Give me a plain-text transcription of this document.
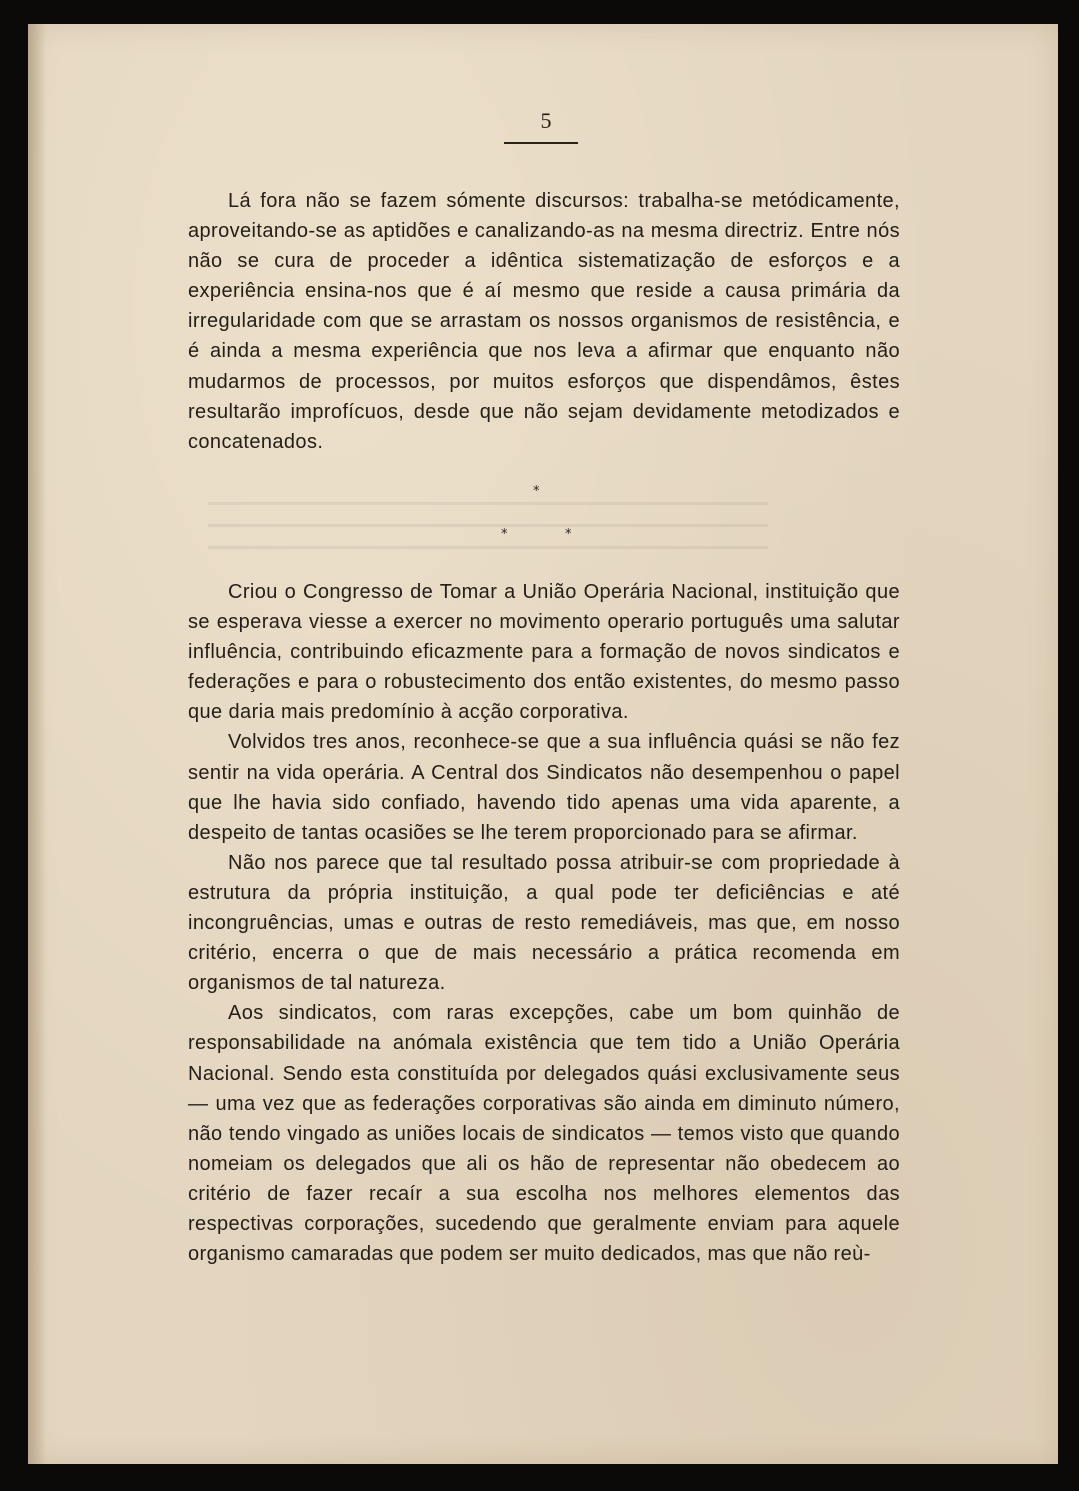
5

Lá fora não se fazem sómente discursos: trabalha-se metódicamente, aproveitando-se as aptidões e canalizando-as na mesma directriz. Entre nós não se cura de proceder a idêntica sistematização de esforços e a experiência ensina-nos que é aí mesmo que reside a causa primária da irregularidade com que se arrastam os nossos organismos de resistência, e é ainda a mesma experiência que nos leva a afirmar que enquanto não mudarmos de processos, por muitos esforços que dispendâmos, êstes resultarão improfícuos, desde que não sejam devidamente metodizados e concatenados.

*
*	*

Criou o Congresso de Tomar a União Operária Nacional, instituição que se esperava viesse a exercer no movimento operario português uma salutar influência, contribuindo eficazmente para a formação de novos sindicatos e federações e para o robustecimento dos então existentes, do mesmo passo que daria mais predomínio à acção corporativa.

Volvidos tres anos, reconhece-se que a sua influência quási se não fez sentir na vida operária. A Central dos Sindicatos não desempenhou o papel que lhe havia sido confiado, havendo tido apenas uma vida aparente, a despeito de tantas ocasiões se lhe terem proporcionado para se afirmar.

Não nos parece que tal resultado possa atribuir-se com propriedade à estrutura da própria instituição, a qual pode ter deficiências e até incongruências, umas e outras de resto remediáveis, mas que, em nosso critério, encerra o que de mais necessário a prática recomenda em organismos de tal natureza.

Aos sindicatos, com raras excepções, cabe um bom quinhão de responsabilidade na anómala existência que tem tido a União Operária Nacional. Sendo esta constituída por delegados quási exclusivamente seus — uma vez que as federações corporativas são ainda em diminuto número, não tendo vingado as uniões locais de sindicatos — temos visto que quando nomeiam os delegados que ali os hão de representar não obedecem ao critério de fazer recaír a sua escolha nos melhores elementos das respectivas corporações, sucedendo que geralmente enviam para aquele organismo camaradas que podem ser muito dedicados, mas que não reù-
